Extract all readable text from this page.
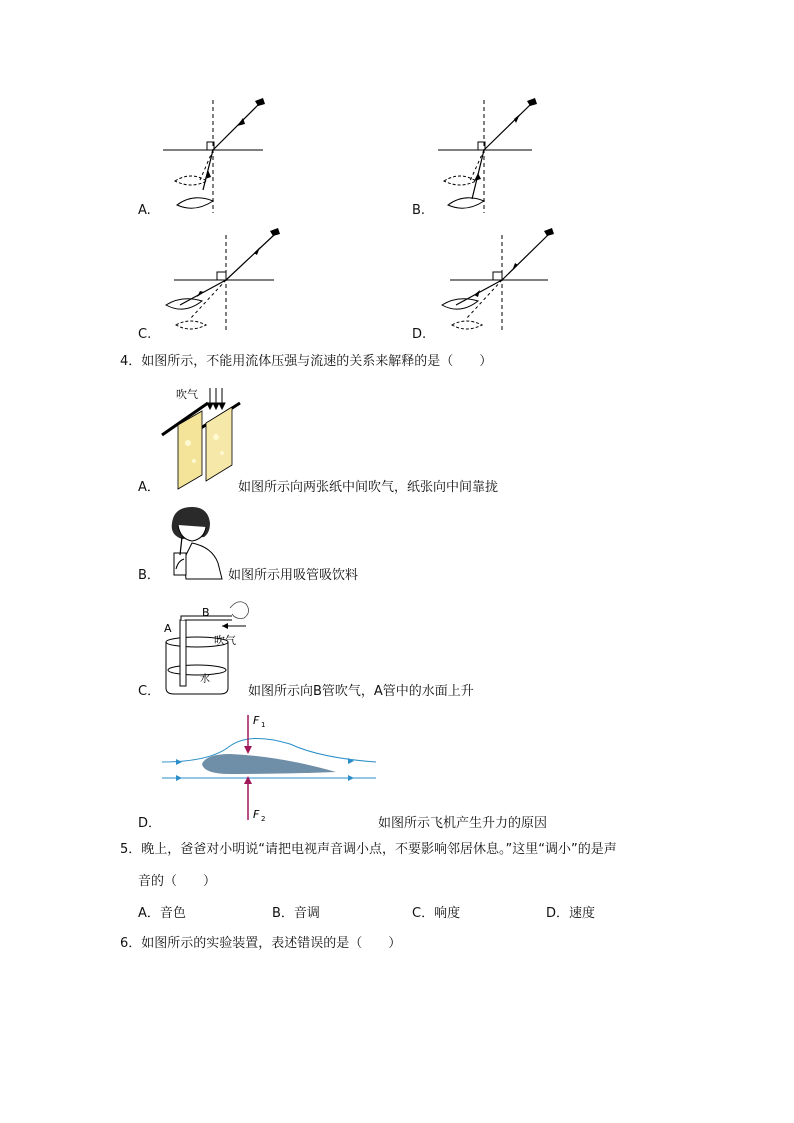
A.	B.
C.	D.
4．如图所示，不能用流体压强与流速的关系来解释的是（　　）
吹气
A．	如图所示向两张纸中间吹气，纸张向中间靠拢
B．	如图所示用吸管吸饮料
A
B
吹气
水
C．	如图所示向B管吹气，A管中的水面上升
F 1
F 2
D．	如图所示飞机产生升力的原因
5．晚上，爸爸对小明说“请把电视声音调小点，不要影响邻居休息。”这里“调小”的是声
音的（　　）
A．音色	B．音调	C．响度	D．速度
6．如图所示的实验装置，表述错误的是（　　）
